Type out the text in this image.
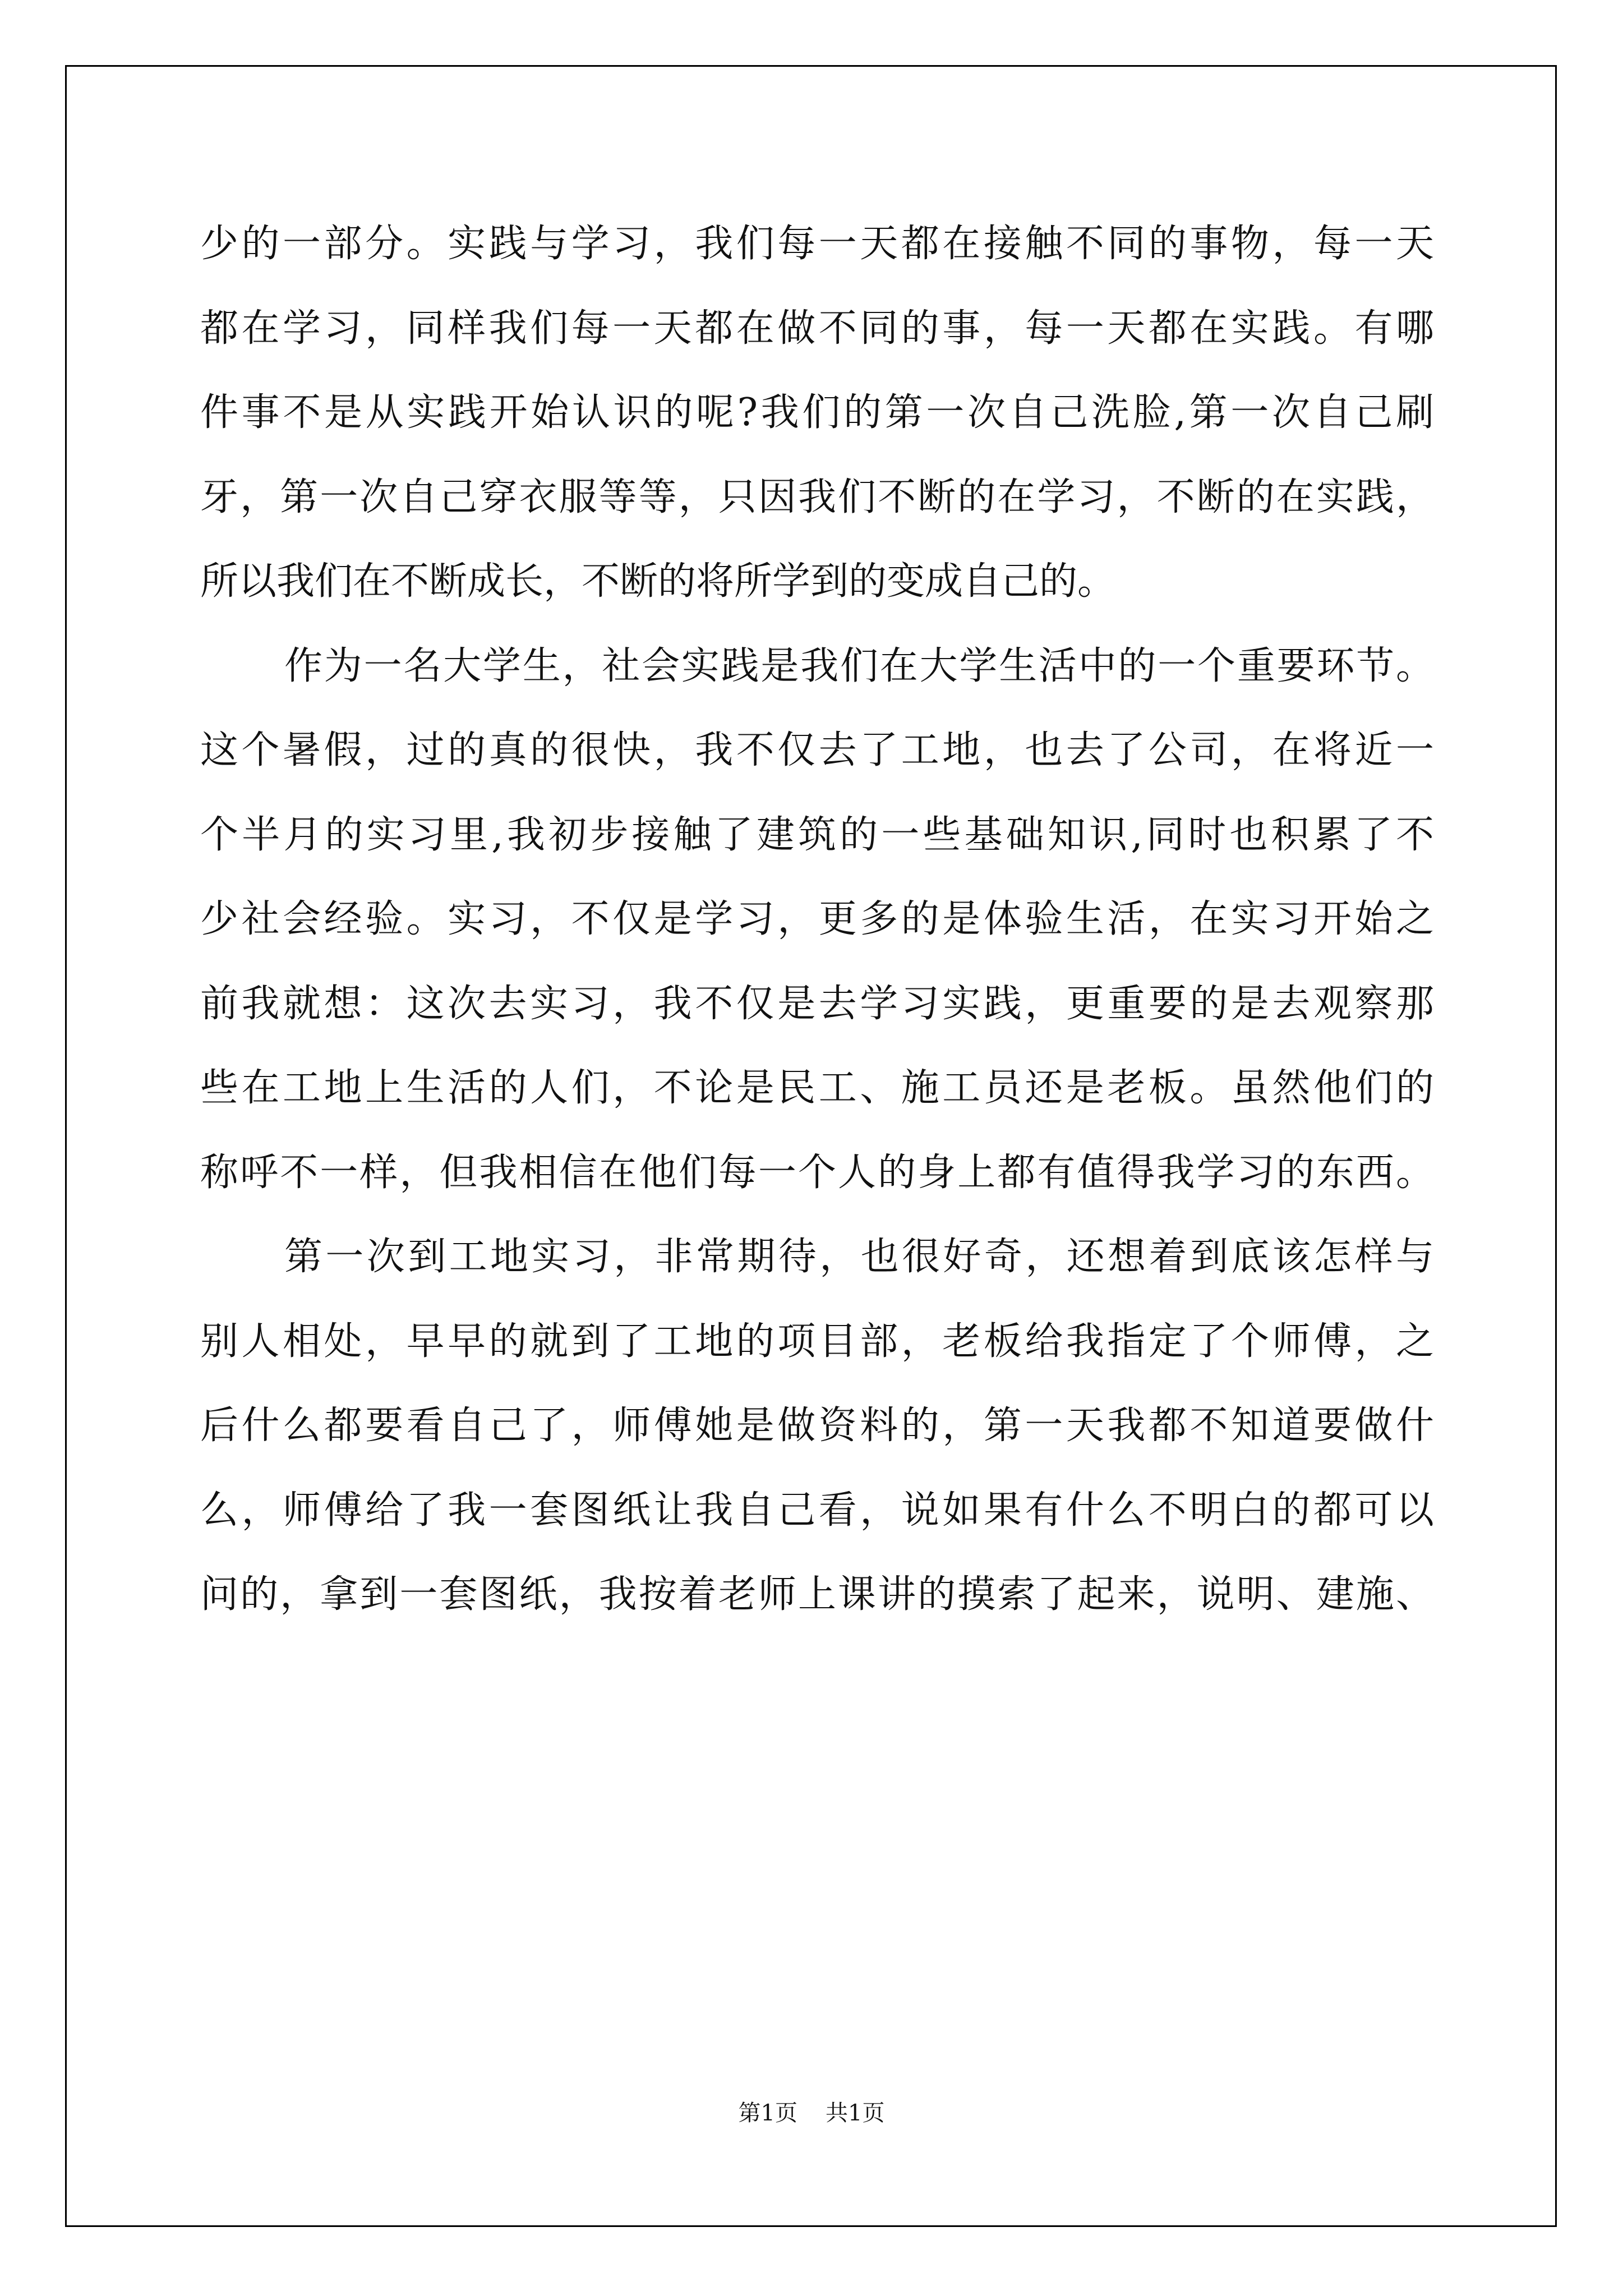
少的一部分。实践与学习，我们每一天都在接触不同的事物，每一天
都在学习，同样我们每一天都在做不同的事，每一天都在实践。有哪
件事不是从实践开始认识的呢?我们的第一次自己洗脸,第一次自己刷
牙，第一次自己穿衣服等等，只因我们不断的在学习，不断的在实践，
所以我们在不断成长，不断的将所学到的变成自己的。
作为一名大学生，社会实践是我们在大学生活中的一个重要环节。
这个暑假，过的真的很快，我不仅去了工地，也去了公司，在将近一
个半月的实习里,我初步接触了建筑的一些基础知识,同时也积累了不
少社会经验。实习，不仅是学习，更多的是体验生活，在实习开始之
前我就想：这次去实习，我不仅是去学习实践，更重要的是去观察那
些在工地上生活的人们，不论是民工、施工员还是老板。虽然他们的
称呼不一样，但我相信在他们每一个人的身上都有值得我学习的东西。
第一次到工地实习，非常期待，也很好奇，还想着到底该怎样与
别人相处，早早的就到了工地的项目部，老板给我指定了个师傅，之
后什么都要看自己了，师傅她是做资料的，第一天我都不知道要做什
么，师傅给了我一套图纸让我自己看，说如果有什么不明白的都可以
问的，拿到一套图纸，我按着老师上课讲的摸索了起来，说明、建施、
第1页 共1页
